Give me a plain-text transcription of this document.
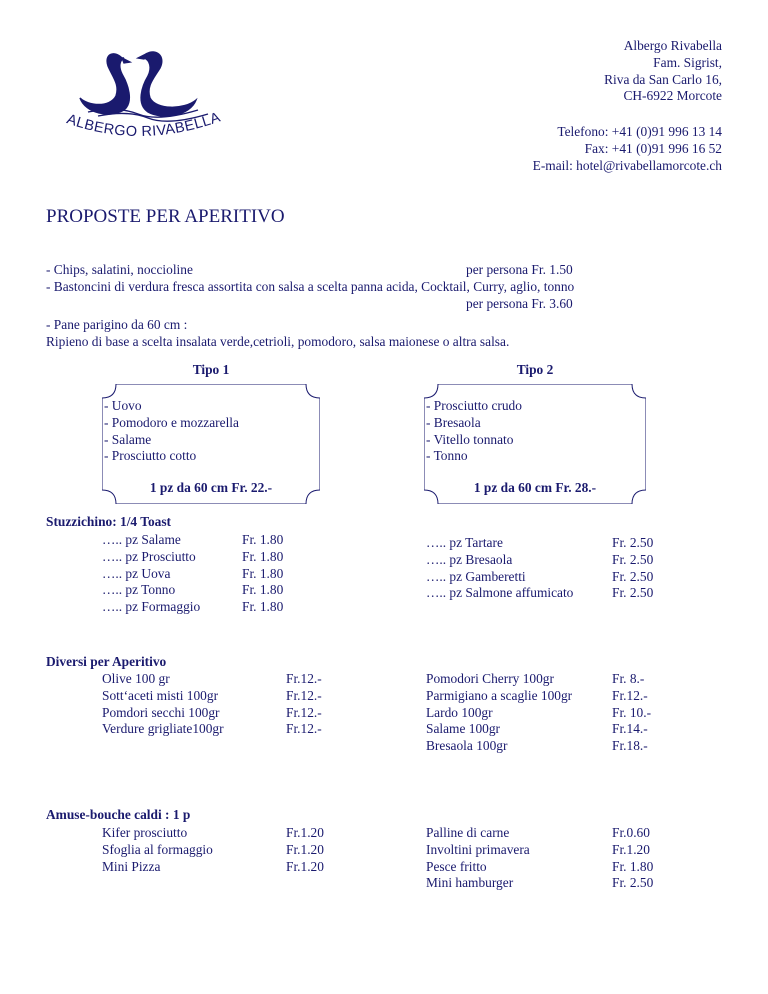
ALBERGO RIVABELLA
Albergo Rivabella
Fam. Sigrist,
Riva da San Carlo 16,
CH-6922 Morcote
Telefono: +41 (0)91 996 13 14
Fax: +41 (0)91 996 16 52
E-mail: hotel@rivabellamorcote.ch
PROPOSTE PER APERITIVO
- Chips, salatini, noccioline	per persona Fr. 1.50
- Bastoncini di verdura fresca assortita con salsa a scelta panna acida, Cocktail, Curry, aglio, tonno
per persona Fr. 3.60
- Pane parigino da 60 cm :
Ripieno di base a scelta insalata verde,cetrioli, pomodoro, salsa maionese o altra salsa.
Tipo 1
- Uovo
- Pomodoro e mozzarella
- Salame
- Prosciutto cotto
1 pz da 60 cm Fr. 22.-
Tipo 2
- Prosciutto crudo
- Bresaola
- Vitello tonnato
- Tonno
1 pz da 60 cm Fr. 28.-
Stuzzichino: 1/4 Toast
….. pz Salame
….. pz Prosciutto
….. pz Uova
….. pz Tonno
….. pz Formaggio
Fr. 1.80
Fr. 1.80
Fr. 1.80
Fr. 1.80
Fr. 1.80
….. pz Tartare
….. pz Bresaola
….. pz Gamberetti
….. pz Salmone affumicato
Fr. 2.50
Fr. 2.50
Fr. 2.50
Fr. 2.50
Diversi per Aperitivo
Olive 100 gr
Sott‘aceti misti 100gr
Pomdori secchi 100gr
Verdure grigliate100gr
Fr.12.-
Fr.12.-
Fr.12.-
Fr.12.-
Pomodori Cherry 100gr
Parmigiano a scaglie 100gr
Lardo 100gr
Salame 100gr
Bresaola 100gr
Fr. 8.-
Fr.12.-
Fr. 10.-
Fr.14.-
Fr.18.-
Amuse-bouche caldi : 1 p
Kifer prosciutto
Sfoglia al formaggio
Mini Pizza
Fr.1.20
Fr.1.20
Fr.1.20
Palline di carne
Involtini primavera
Pesce fritto
Mini hamburger
Fr.0.60
Fr.1.20
Fr. 1.80
Fr. 2.50
